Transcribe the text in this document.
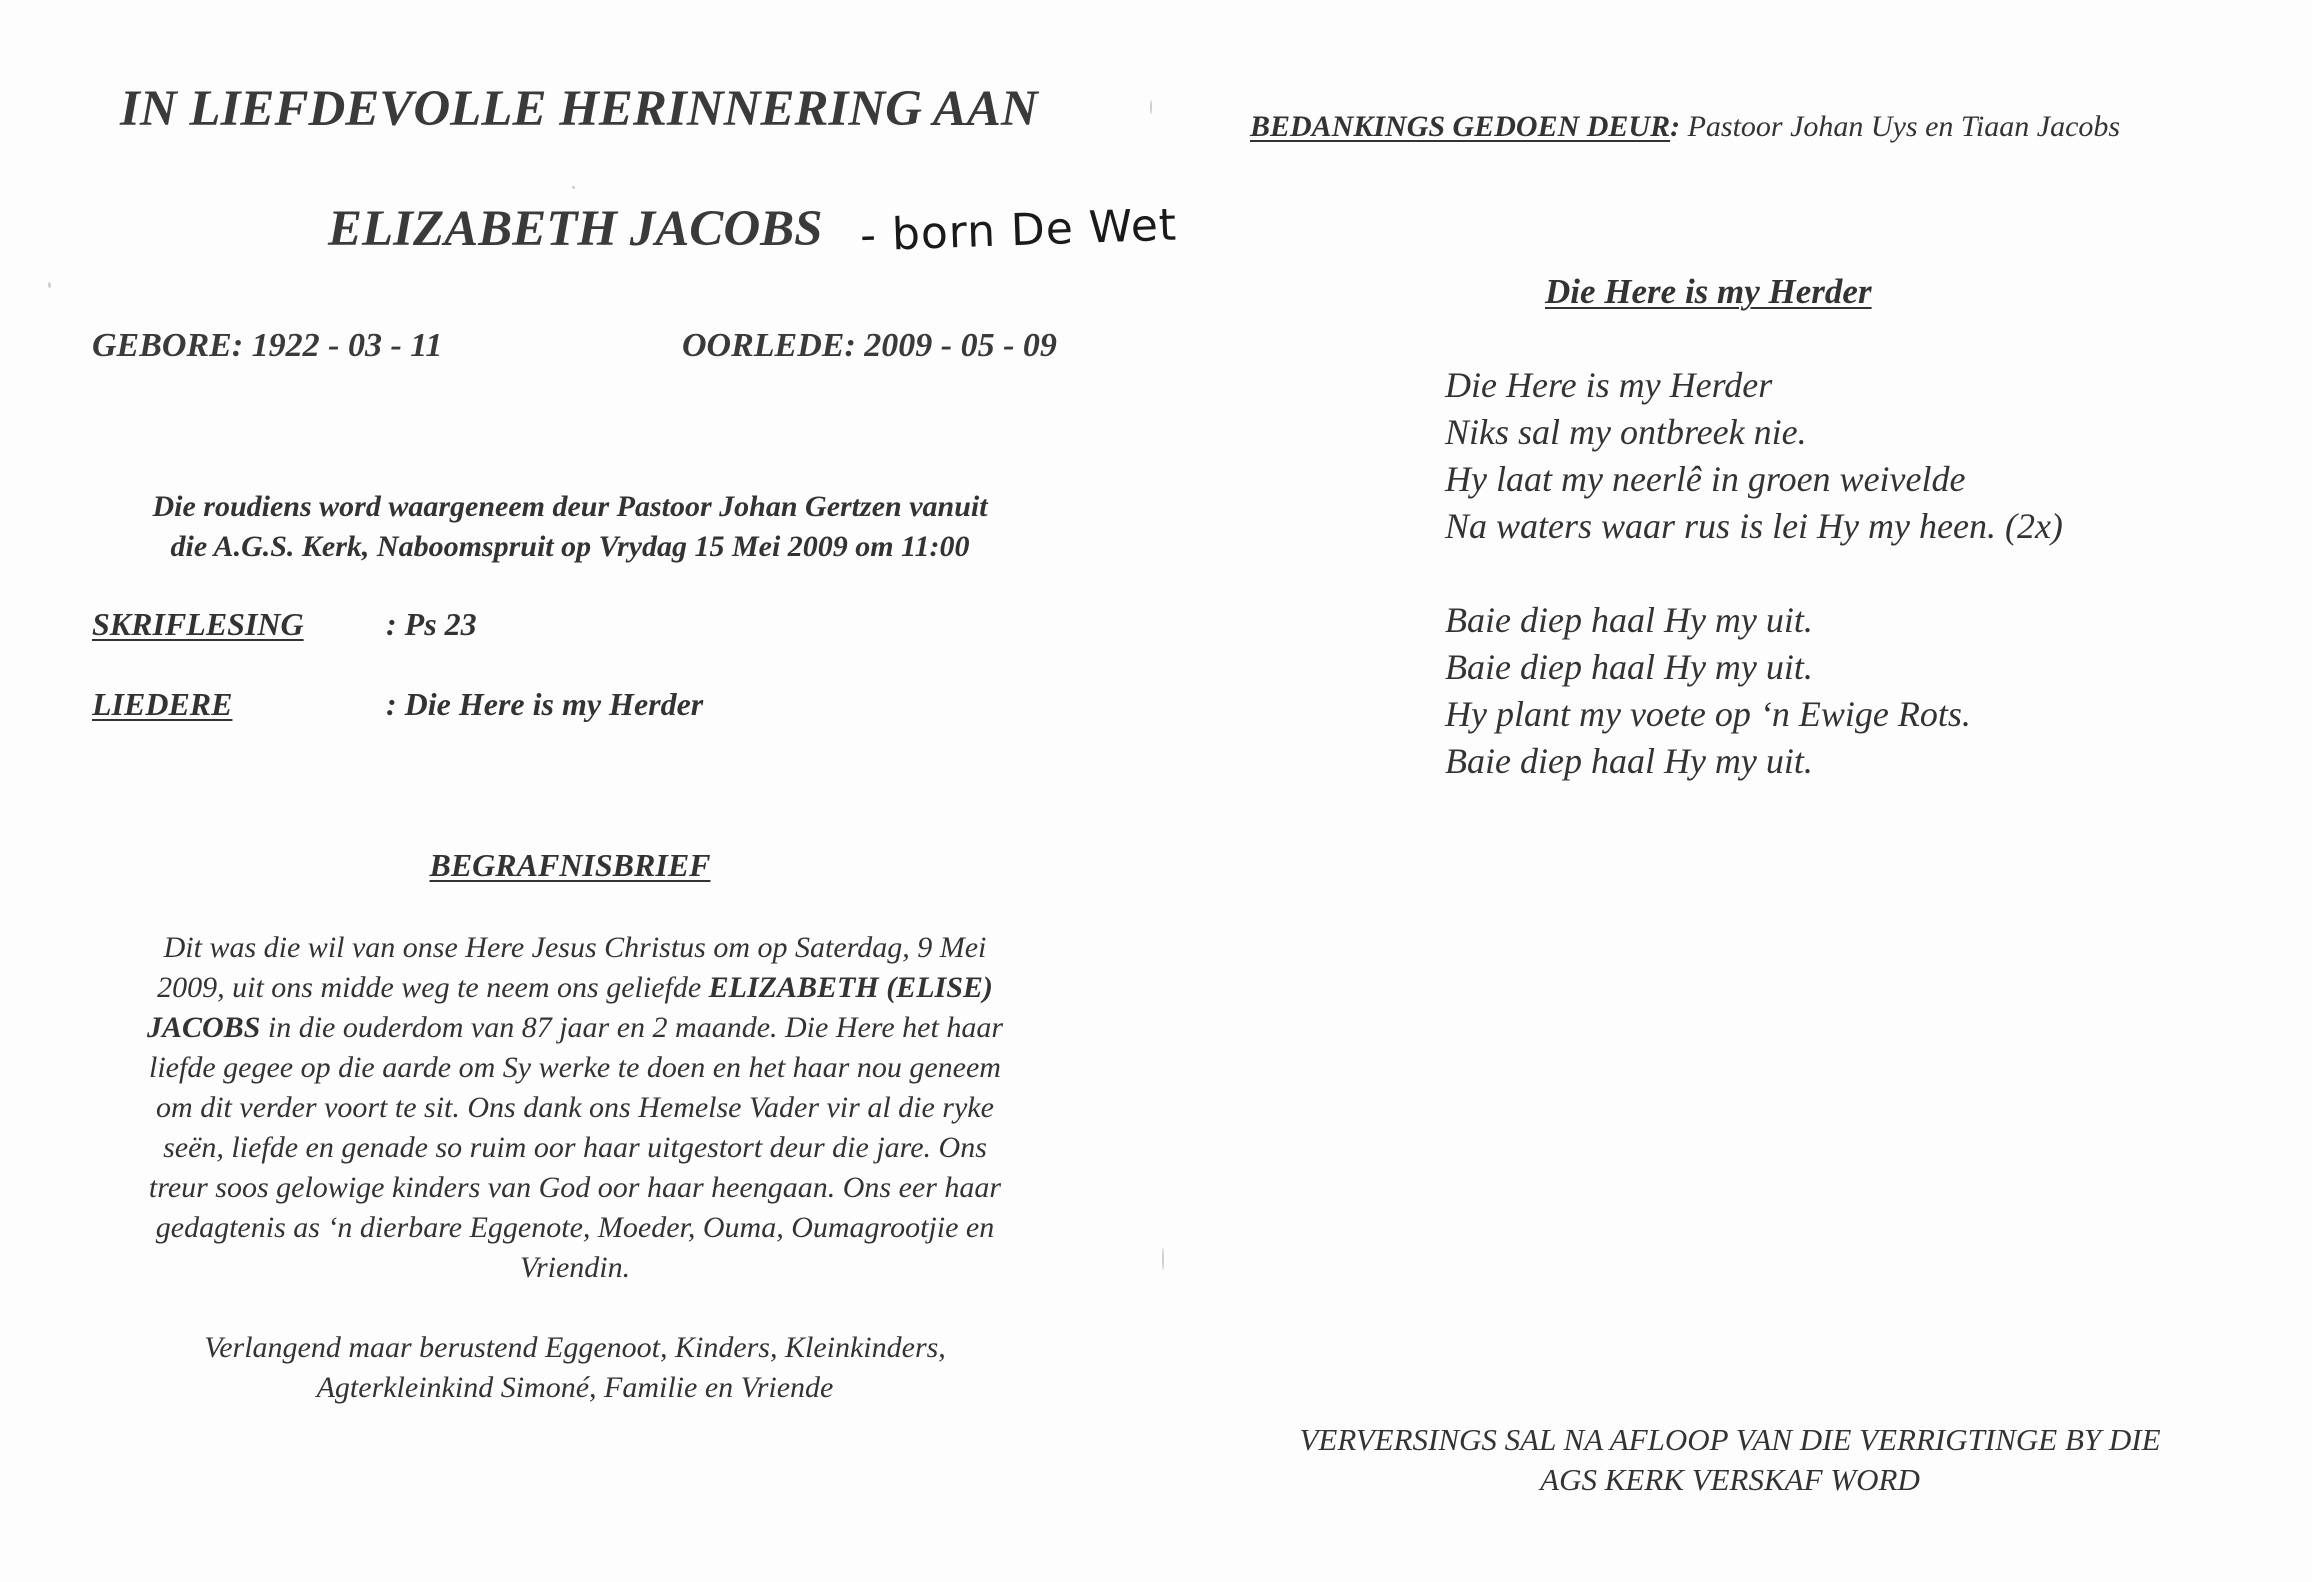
IN LIEFDEVOLLE HERINNERING AAN
ELIZABETH JACOBS - born De Wet
GEBORE: 1922 - 03 - 11	OORLEDE: 2009 - 05 - 09
Die roudiens word waargeneem deur Pastoor Johan Gertzen vanuit
die A.G.S. Kerk, Naboomspruit op Vrydag 15 Mei 2009 om 11:00
SKRIFLESING	: Ps 23
LIEDERE	: Die Here is my Herder
BEGRAFNISBRIEF
Dit was die wil van onse Here Jesus Christus om op Saterdag, 9 Mei
2009, uit ons midde weg te neem ons geliefde ELIZABETH (ELISE)
JACOBS in die ouderdom van 87 jaar en 2 maande. Die Here het haar
liefde gegee op die aarde om Sy werke te doen en het haar nou geneem
om dit verder voort te sit. Ons dank ons Hemelse Vader vir al die ryke
seën, liefde en genade so ruim oor haar uitgestort deur die jare. Ons
treur soos gelowige kinders van God oor haar heengaan. Ons eer haar
gedagtenis as ‘n dierbare Eggenote, Moeder, Ouma, Oumagrootjie en
Vriendin.
Verlangend maar berustend Eggenoot, Kinders, Kleinkinders,
Agterkleinkind Simoné, Familie en Vriende
BEDANKINGS GEDOEN DEUR: Pastoor Johan Uys en Tiaan Jacobs
Die Here is my Herder
Die Here is my Herder
Niks sal my ontbreek nie.
Hy laat my neerlê in groen weivelde
Na waters waar rus is lei Hy my heen. (2x)
Baie diep haal Hy my uit.
Baie diep haal Hy my uit.
Hy plant my voete op ‘n Ewige Rots.
Baie diep haal Hy my uit.
VERVERSINGS SAL NA AFLOOP VAN DIE VERRIGTINGE BY DIE
AGS KERK VERSKAF WORD
